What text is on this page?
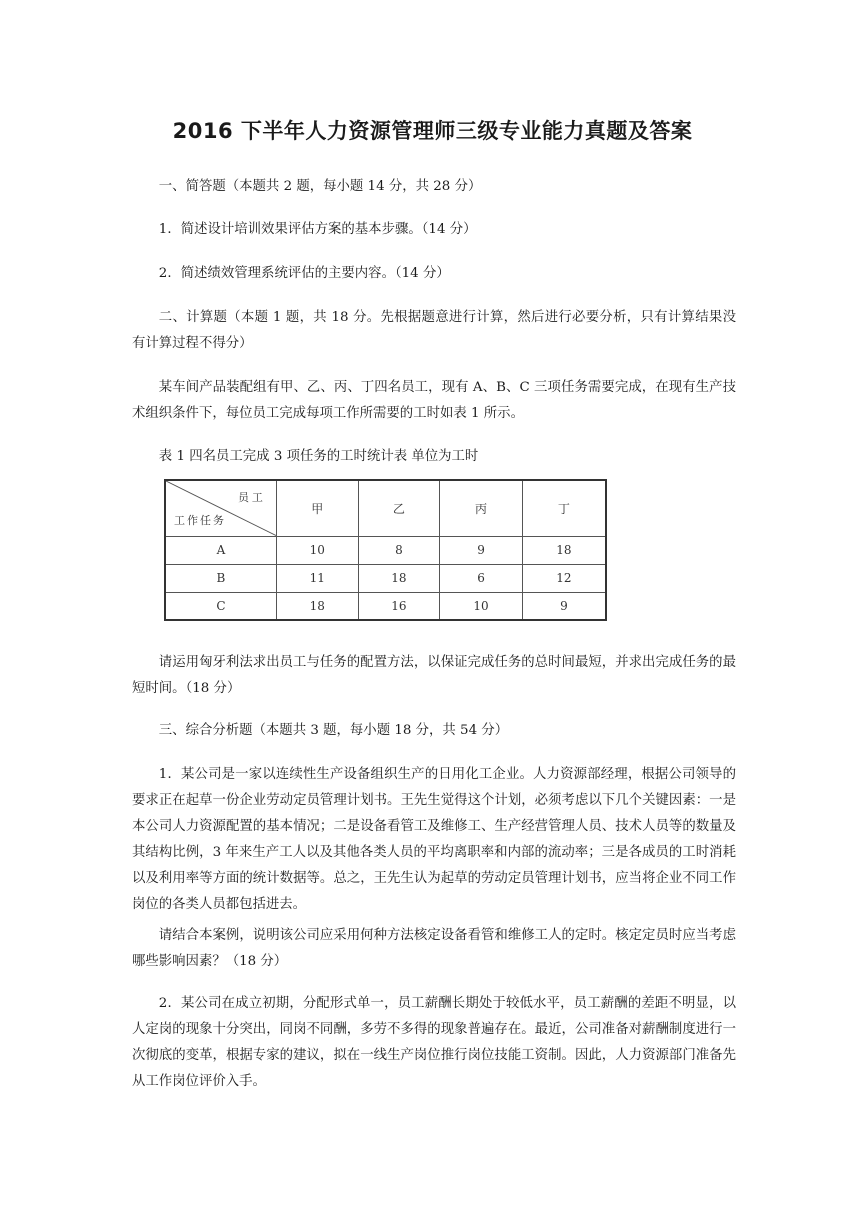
2016 下半年人力资源管理师三级专业能力真题及答案

一、简答题（本题共 2 题，每小题 14 分，共 28 分）

1．简述设计培训效果评估方案的基本步骤。（14 分）

2．简述绩效管理系统评估的主要内容。（14 分）

二、计算题（本题 1 题，共 18 分。先根据题意进行计算，然后进行必要分析，只有计算结果没有计算过程不得分）

某车间产品装配组有甲、乙、丙、丁四名员工，现有 A、B、C 三项任务需要完成，在现有生产技术组织条件下，每位员工完成每项工作所需要的工时如表 1 所示。

表 1 四名员工完成 3 项任务的工时统计表 单位为工时

员工
工作任务	甲	乙	丙	丁
A	10	8	9	18
B	11	18	6	12
C	18	16	10	9

请运用匈牙利法求出员工与任务的配置方法，以保证完成任务的总时间最短，并求出完成任务的最短时间。（18 分）

三、综合分析题（本题共 3 题，每小题 18 分，共 54 分）

1．某公司是一家以连续性生产设备组织生产的日用化工企业。人力资源部经理，根据公司领导的要求正在起草一份企业劳动定员管理计划书。王先生觉得这个计划，必须考虑以下几个关键因素：一是本公司人力资源配置的基本情况；二是设备看管工及维修工、生产经营管理人员、技术人员等的数量及其结构比例，3 年来生产工人以及其他各类人员的平均离职率和内部的流动率；三是各成员的工时消耗以及利用率等方面的统计数据等。总之，王先生认为起草的劳动定员管理计划书，应当将企业不同工作岗位的各类人员都包括进去。

请结合本案例，说明该公司应采用何种方法核定设备看管和维修工人的定时。核定定员时应当考虑哪些影响因素？（18 分）

2．某公司在成立初期，分配形式单一，员工薪酬长期处于较低水平，员工薪酬的差距不明显，以人定岗的现象十分突出，同岗不同酬，多劳不多得的现象普遍存在。最近，公司准备对薪酬制度进行一次彻底的变革，根据专家的建议，拟在一线生产岗位推行岗位技能工资制。因此，人力资源部门准备先从工作岗位评价入手。
